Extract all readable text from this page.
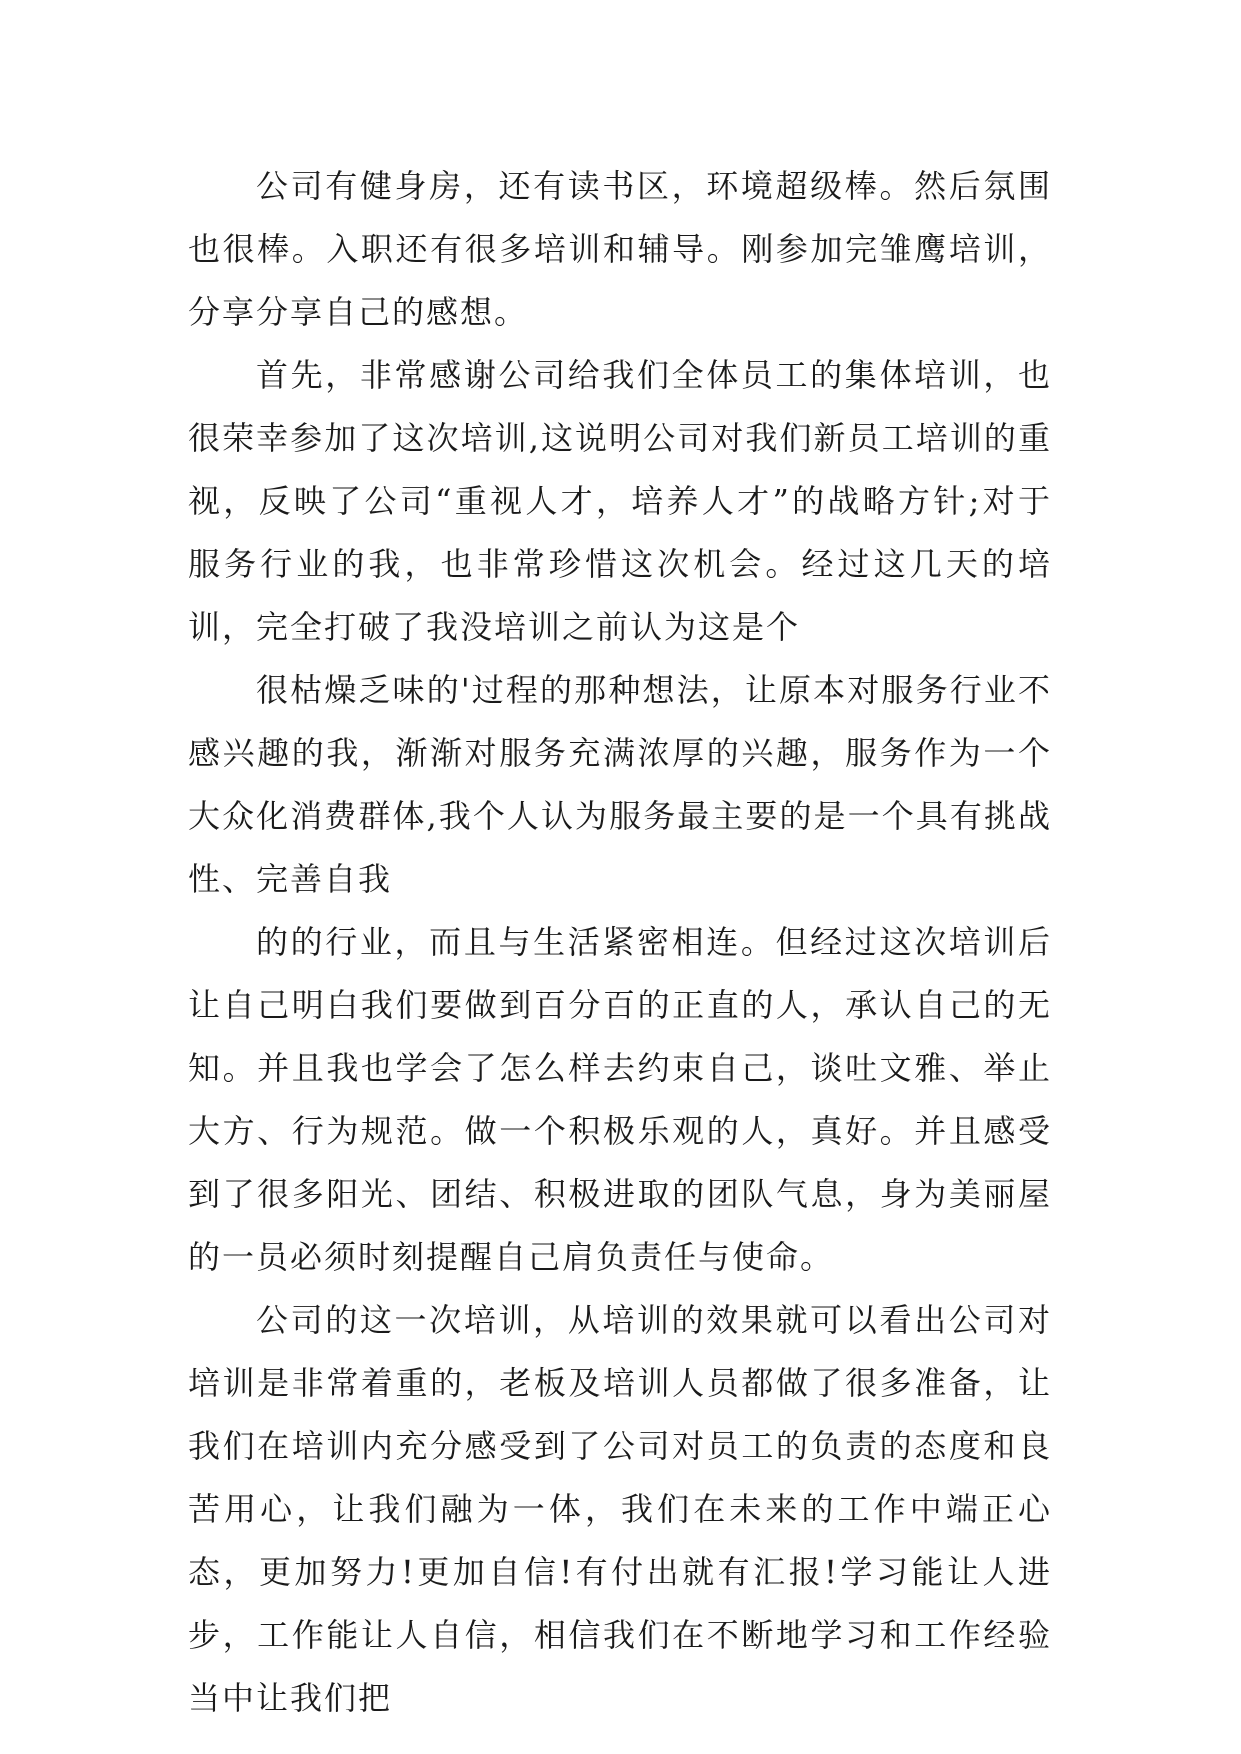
公司有健身房，还有读书区，环境超级棒。然后氛围也很棒。入职还有很多培训和辅导。刚参加完雏鹰培训，分享分享自己的感想。

首先，非常感谢公司给我们全体员工的集体培训，也很荣幸参加了这次培训,这说明公司对我们新员工培训的重视，反映了公司“重视人才，培养人才”的战略方针;对于服务行业的我，也非常珍惜这次机会。经过这几天的培训，完全打破了我没培训之前认为这是个

很枯燥乏味的'过程的那种想法，让原本对服务行业不感兴趣的我，渐渐对服务充满浓厚的兴趣，服务作为一个大众化消费群体,我个人认为服务最主要的是一个具有挑战性、完善自我

的的行业，而且与生活紧密相连。但经过这次培训后让自己明白我们要做到百分百的正直的人，承认自己的无知。并且我也学会了怎么样去约束自己，谈吐文雅、举止大方、行为规范。做一个积极乐观的人，真好。并且感受到了很多阳光、团结、积极进取的团队气息，身为美丽屋的一员必须时刻提醒自己肩负责任与使命。

公司的这一次培训，从培训的效果就可以看出公司对培训是非常着重的，老板及培训人员都做了很多准备，让我们在培训内充分感受到了公司对员工的负责的态度和良苦用心，让我们融为一体，我们在未来的工作中端正心态，更加努力!更加自信!有付出就有汇报!学习能让人进步，工作能让人自信，相信我们在不断地学习和工作经验当中让我们把
